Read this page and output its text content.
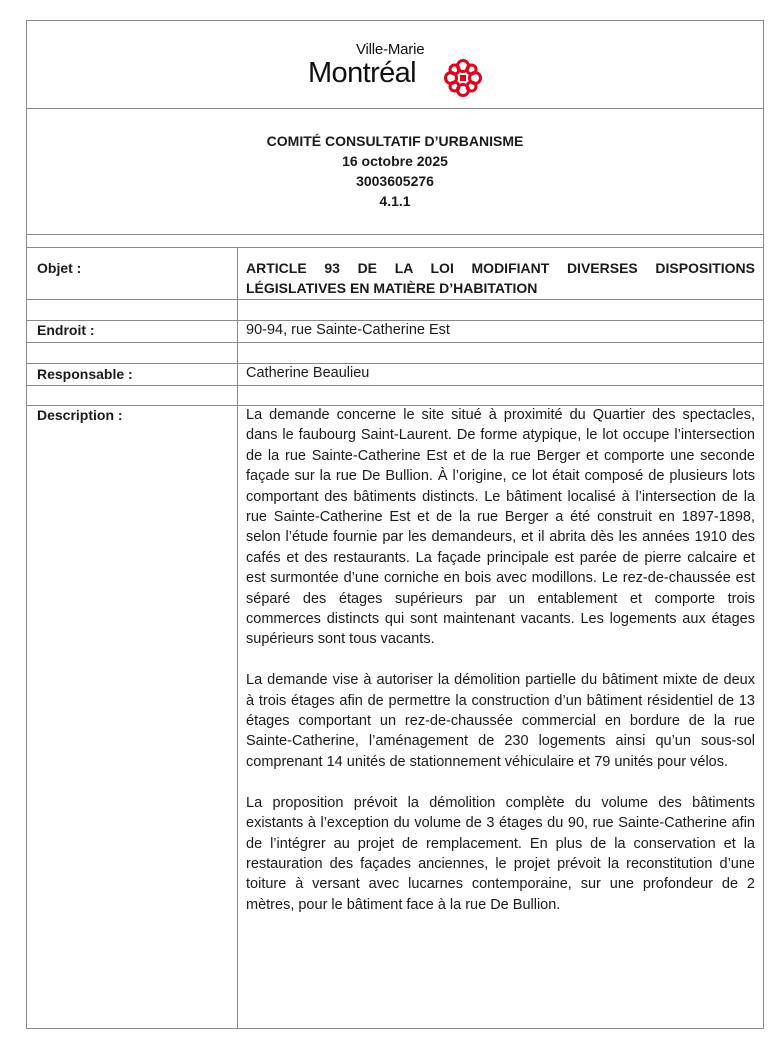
Ville-Marie
Montréal
COMITÉ CONSULTATIF D’URBANISME
16 octobre 2025
3003605276
4.1.1
Objet :	ARTICLE 93 DE LA LOI MODIFIANT DIVERSES DISPOSITIONS LÉGISLATIVES EN MATIÈRE D’HABITATION
Endroit :	90-94, rue Sainte-Catherine Est
Responsable :	Catherine Beaulieu
Description :	La demande concerne le site situé à proximité du Quartier des spectacles, dans le faubourg Saint-Laurent. De forme atypique, le lot occupe l’intersection de la rue Sainte-Catherine Est et de la rue Berger et comporte une seconde façade sur la rue De Bullion. À l’origine, ce lot était composé de plusieurs lots comportant des bâtiments distincts. Le bâtiment localisé à l’intersection de la rue Sainte-Catherine Est et de la rue Berger a été construit en 1897-1898, selon l’étude fournie par les demandeurs, et il abrita dès les années 1910 des cafés et des restaurants. La façade principale est parée de pierre calcaire et est surmontée d’une corniche en bois avec modillons. Le rez-de-chaussée est séparé des étages supérieurs par un entablement et comporte trois commerces distincts qui sont maintenant vacants. Les logements aux étages supérieurs sont tous vacants.

La demande vise à autoriser la démolition partielle du bâtiment mixte de deux à trois étages afin de permettre la construction d’un bâtiment résidentiel de 13 étages comportant un rez-de-chaussée commercial en bordure de la rue Sainte-Catherine, l’aménagement de 230 logements ainsi qu’un sous-sol comprenant 14 unités de stationnement véhiculaire et 79 unités pour vélos.

La proposition prévoit la démolition complète du volume des bâtiments existants à l’exception du volume de 3 étages du 90, rue Sainte-Catherine afin de l’intégrer au projet de remplacement. En plus de la conservation et la restauration des façades anciennes, le projet prévoit la reconstitution d’une toiture à versant avec lucarnes contemporaine, sur une profondeur de 2 mètres, pour le bâtiment face à la rue De Bullion.
